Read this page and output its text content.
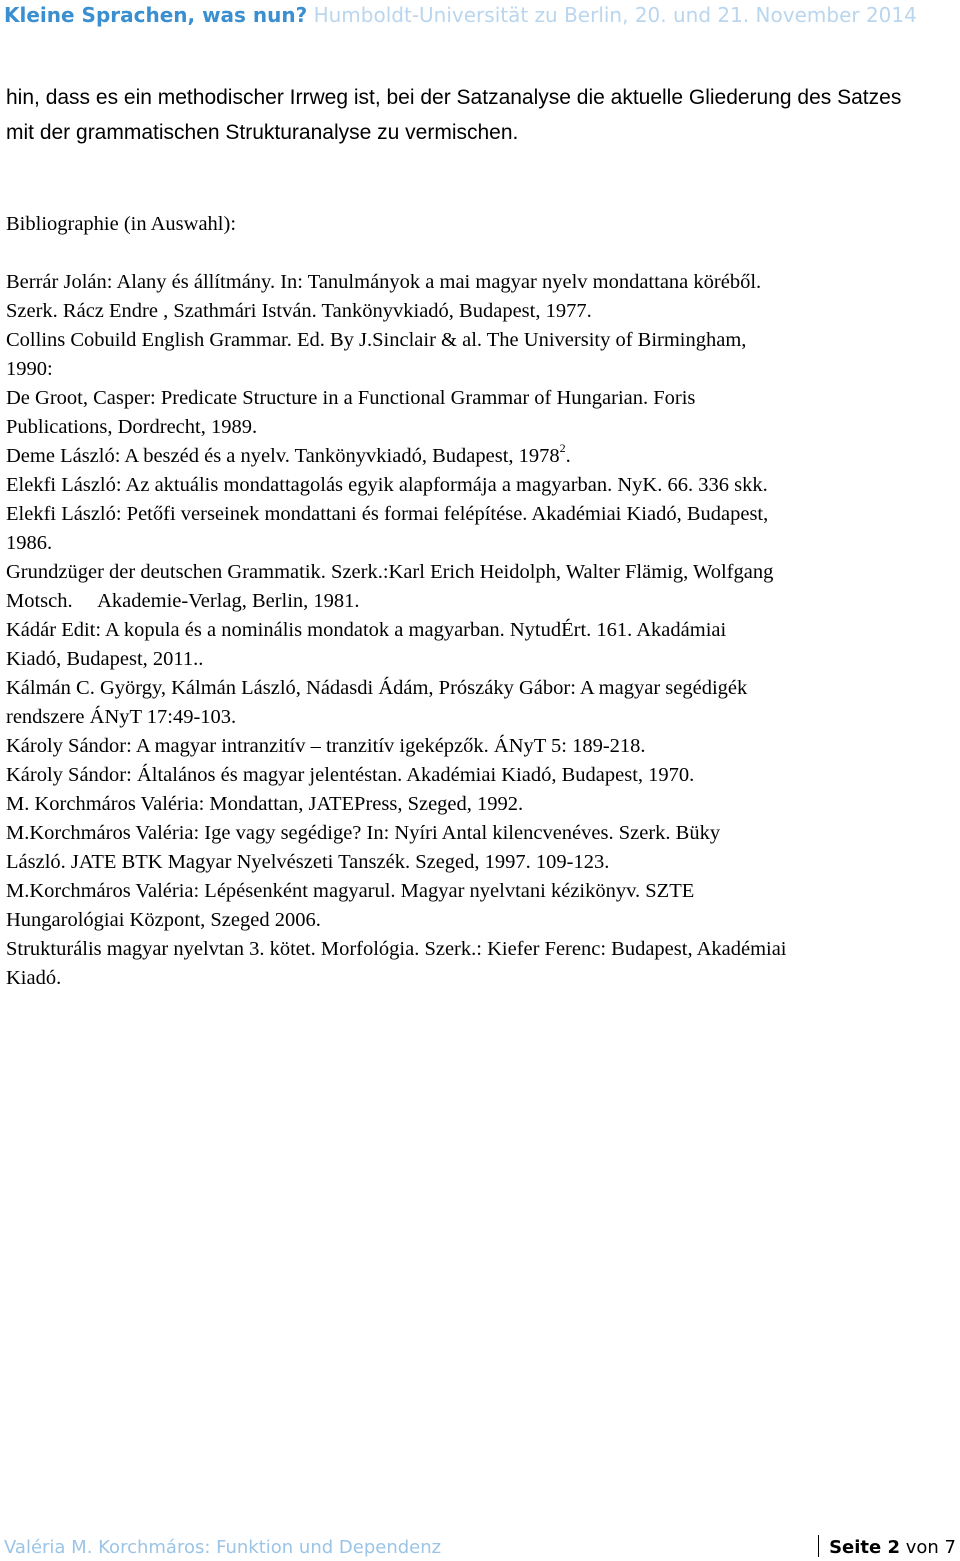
Kleine Sprachen, was nun? Humboldt-Universität zu Berlin, 20. und 21. November 2014

hin, dass es ein methodischer Irrweg ist, bei der Satzanalyse die aktuelle Gliederung des Satzes

mit der grammatischen Strukturanalyse zu vermischen.

Bibliographie (in Auswahl):

Berrár Jolán: Alany és állítmány. In: Tanulmányok a mai magyar nyelv mondattana köréből.

Szerk. Rácz Endre , Szathmári István. Tankönyvkiadó, Budapest, 1977.

Collins Cobuild English Grammar. Ed. By J.Sinclair & al. The University of Birmingham,

1990:

De Groot, Casper: Predicate Structure in a Functional Grammar of Hungarian. Foris

Publications, Dordrecht, 1989.

Deme László: A beszéd és a nyelv. Tankönyvkiadó, Budapest, 1978$^2$.

Elekfi László: Az aktuális mondattagolás egyik alapformája a magyarban. NyK. 66. 336 skk.

Elekfi László: Petőfi verseinek mondattani és formai felépítése. Akadémiai Kiadó, Budapest,

1986.

Grundzüger der deutschen Grammatik. Szerk.:Karl Erich Heidolph, Walter Flämig, Wolfgang

Motsch.     Akademie-Verlag, Berlin, 1981.

Kádár Edit: A kopula és a nominális mondatok a magyarban. NytudÉrt. 161. Akadámiai

Kiadó, Budapest, 2011..

Kálmán C. György, Kálmán László, Nádasdi Ádám, Prószáky Gábor: A magyar segédigék

rendszere ÁNyT 17:49-103.

Károly Sándor: A magyar intranzitív – tranzitív igeképzők. ÁNyT 5: 189-218.

Károly Sándor: Általános és magyar jelentéstan. Akadémiai Kiadó, Budapest, 1970.

M. Korchmáros Valéria: Mondattan, JATEPress, Szeged, 1992.

M.Korchmáros Valéria: Ige vagy segédige? In: Nyíri Antal kilencvenéves. Szerk. Büky

László. JATE BTK Magyar Nyelvészeti Tanszék. Szeged, 1997. 109-123.

M.Korchmáros Valéria: Lépésenként magyarul. Magyar nyelvtani kézikönyv. SZTE

Hungarológiai Központ, Szeged 2006.

Strukturális magyar nyelvtan 3. kötet. Morfológia. Szerk.: Kiefer Ferenc: Budapest, Akadémiai

Kiadó.

Valéria M. Korchmáros: Funktion und Dependenz	Seite 2 von 7
